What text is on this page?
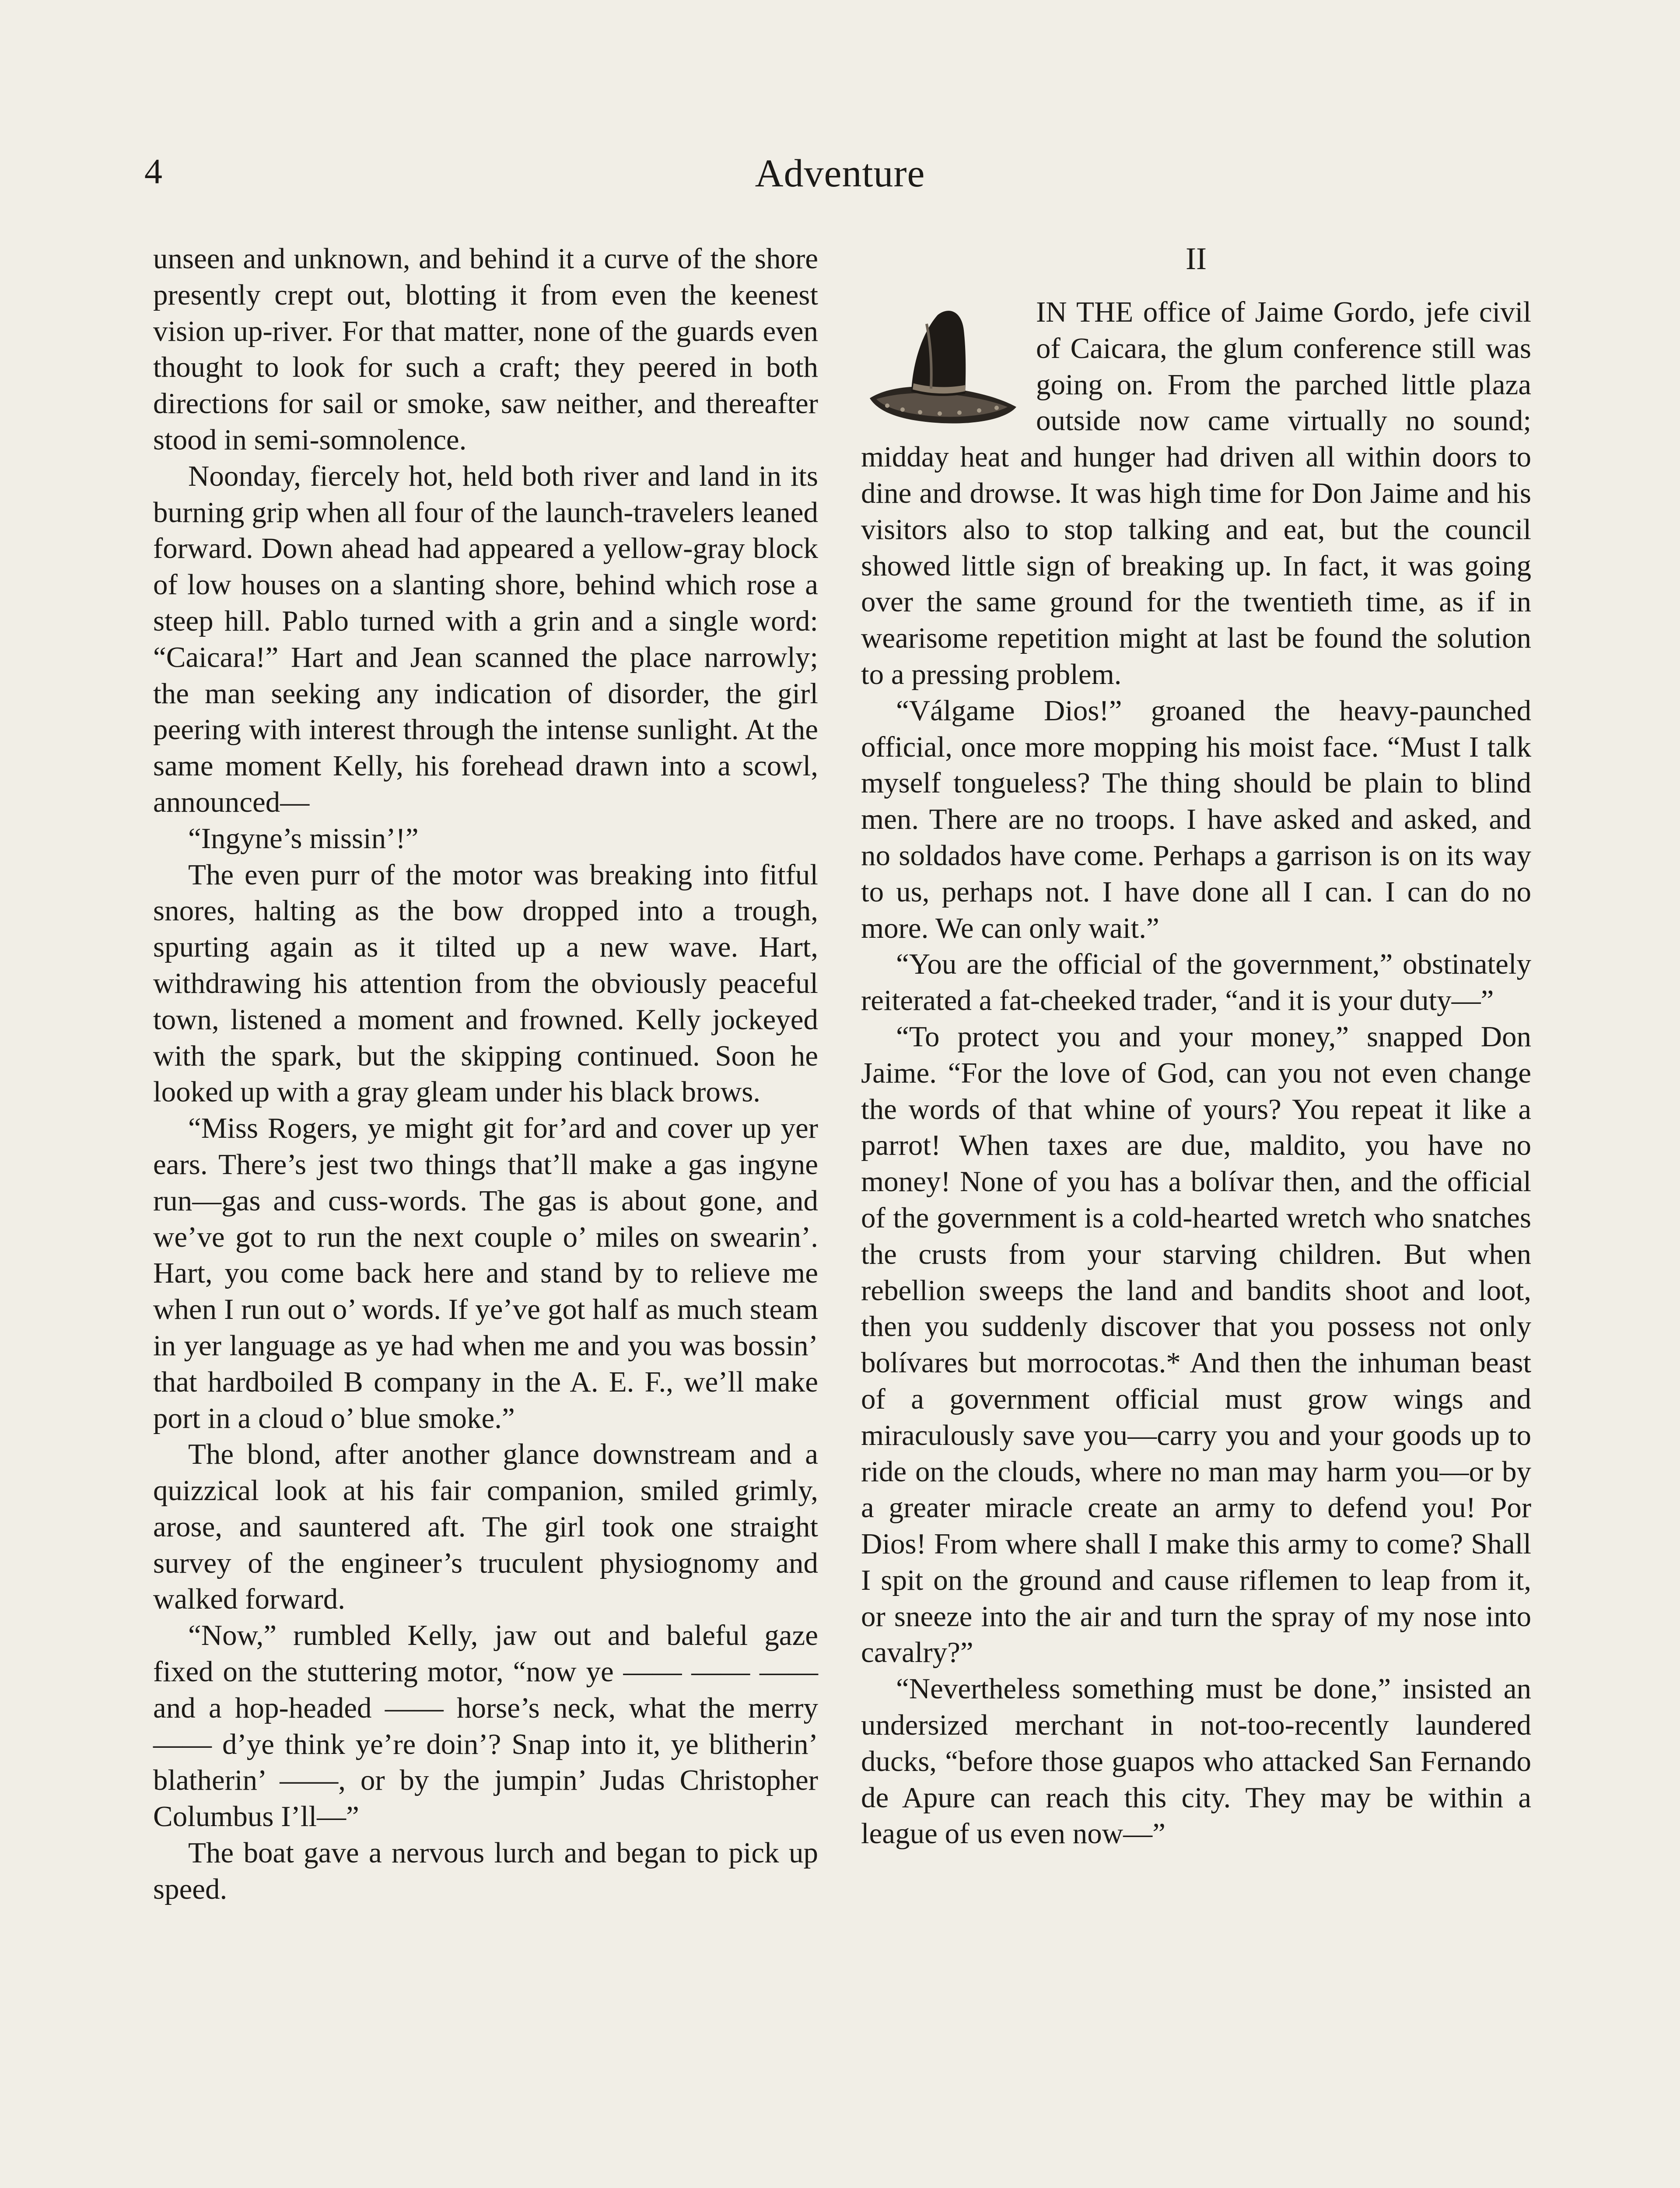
4	Adventure

unseen and unknown, and behind it a curve of the shore presently crept out, blotting it from even the keenest vision up-river. For that matter, none of the guards even thought to look for such a craft; they peered in both directions for sail or smoke, saw neither, and thereafter stood in semi-somnolence.

Noonday, fiercely hot, held both river and land in its burning grip when all four of the launch-travelers leaned forward. Down ahead had appeared a yellow-gray block of low houses on a slanting shore, behind which rose a steep hill. Pablo turned with a grin and a single word: “Caicara!” Hart and Jean scanned the place narrowly; the man seeking any indication of disorder, the girl peering with interest through the intense sunlight. At the same moment Kelly, his forehead drawn into a scowl, announced—

“Ingyne’s missin’!”

The even purr of the motor was breaking into fitful snores, halting as the bow dropped into a trough, spurting again as it tilted up a new wave. Hart, withdrawing his attention from the obviously peaceful town, listened a moment and frowned. Kelly jockeyed with the spark, but the skipping continued. Soon he looked up with a gray gleam under his black brows.

“Miss Rogers, ye might git for’ard and cover up yer ears. There’s jest two things that’ll make a gas ingyne run—gas and cuss-words. The gas is about gone, and we’ve got to run the next couple o’ miles on swearin’. Hart, you come back here and stand by to relieve me when I run out o’ words. If ye’ve got half as much steam in yer language as ye had when me and you was bossin’ that hardboiled B company in the A. E. F., we’ll make port in a cloud o’ blue smoke.”

The blond, after another glance downstream and a quizzical look at his fair companion, smiled grimly, arose, and sauntered aft. The girl took one straight survey of the engineer’s truculent physiognomy and walked forward.

“Now,” rumbled Kelly, jaw out and baleful gaze fixed on the stuttering motor, “now ye —— —— —— and a hop-headed —— horse’s neck, what the merry —— d’ye think ye’re doin’? Snap into it, ye blitherin’ blatherin’ ——, or by the jumpin’ Judas Christopher Columbus I’ll—”

The boat gave a nervous lurch and began to pick up speed.

II

IN THE office of Jaime Gordo, jefe civil of Caicara, the glum conference still was going on. From the parched little plaza outside now came virtually no sound; midday heat and hunger had driven all within doors to dine and drowse. It was high time for Don Jaime and his visitors also to stop talking and eat, but the council showed little sign of breaking up. In fact, it was going over the same ground for the twentieth time, as if in wearisome repetition might at last be found the solution to a pressing problem.

“Válgame Dios!” groaned the heavy-paunched official, once more mopping his moist face. “Must I talk myself tongueless? The thing should be plain to blind men. There are no troops. I have asked and asked, and no soldados have come. Perhaps a garrison is on its way to us, perhaps not. I have done all I can. I can do no more. We can only wait.”

“You are the official of the government,” obstinately reiterated a fat-cheeked trader, “and it is your duty—”

“To protect you and your money,” snapped Don Jaime. “For the love of God, can you not even change the words of that whine of yours? You repeat it like a parrot! When taxes are due, maldito, you have no money! None of you has a bolívar then, and the official of the government is a cold-hearted wretch who snatches the crusts from your starving children. But when rebellion sweeps the land and bandits shoot and loot, then you suddenly discover that you possess not only bolívares but morrocotas.* And then the inhuman beast of a government official must grow wings and miraculously save you—carry you and your goods up to ride on the clouds, where no man may harm you—or by a greater miracle create an army to defend you! Por Dios! From where shall I make this army to come? Shall I spit on the ground and cause riflemen to leap from it, or sneeze into the air and turn the spray of my nose into cavalry?”

“Nevertheless something must be done,” insisted an undersized merchant in not-too-recently laundered ducks, “before those guapos who attacked San Fernando de Apure can reach this city. They may be within a league of us even now—”
